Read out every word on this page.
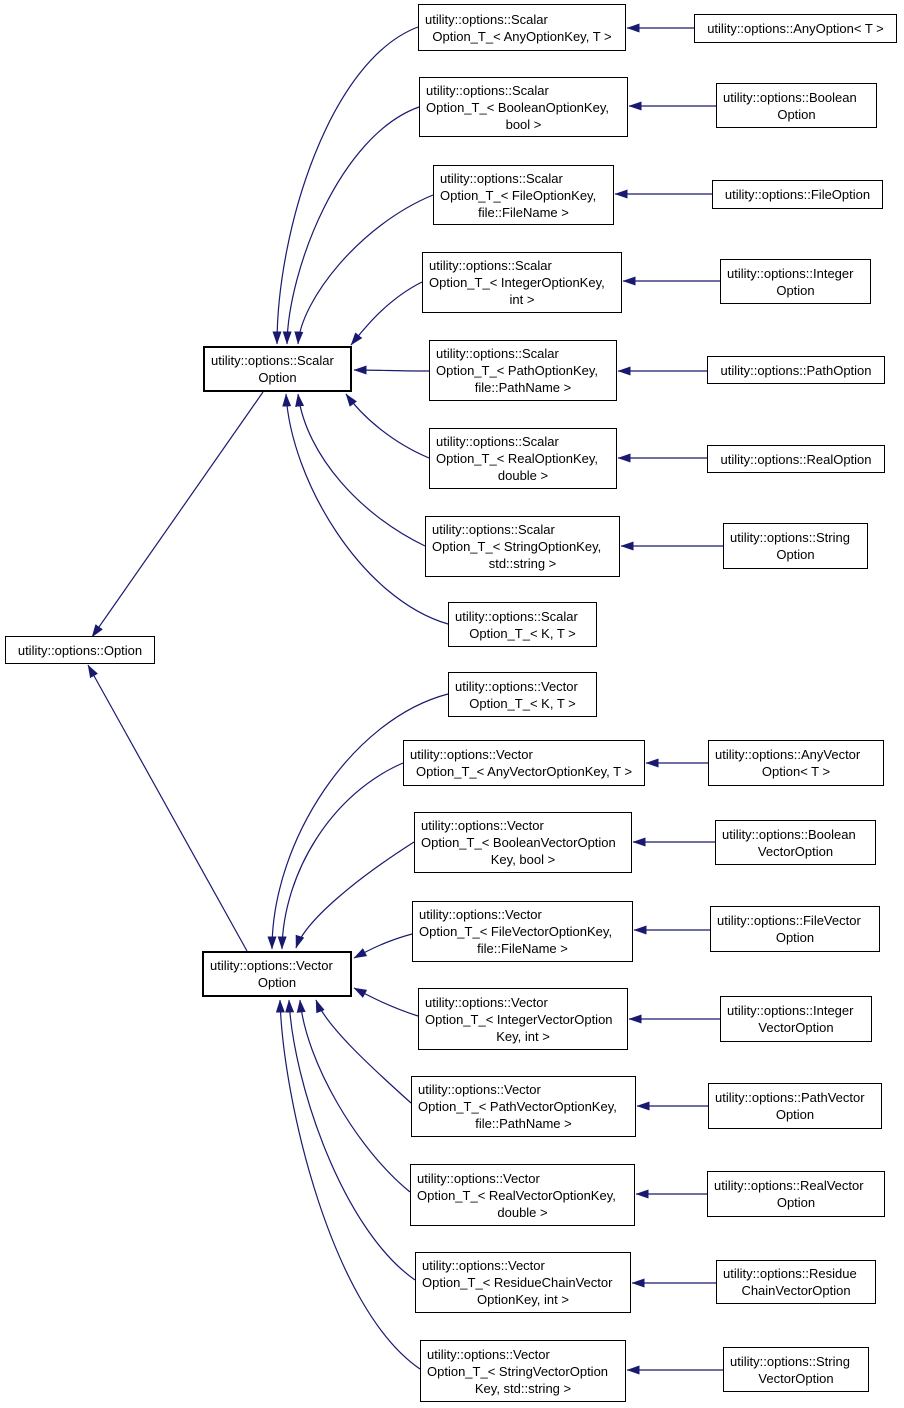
utility::options::Option
utility::options::Scalar
Option
utility::options::Vector
Option
utility::options::Scalar
Option_T_< AnyOptionKey, T >
utility::options::Scalar
Option_T_< BooleanOptionKey,
bool >
utility::options::Scalar
Option_T_< FileOptionKey,
file::FileName >
utility::options::Scalar
Option_T_< IntegerOptionKey,
int >
utility::options::Scalar
Option_T_< PathOptionKey,
file::PathName >
utility::options::Scalar
Option_T_< RealOptionKey,
double >
utility::options::Scalar
Option_T_< StringOptionKey,
std::string >
utility::options::Scalar
Option_T_< K, T >
utility::options::Vector
Option_T_< K, T >
utility::options::Vector
Option_T_< AnyVectorOptionKey, T >
utility::options::Vector
Option_T_< BooleanVectorOption
Key, bool >
utility::options::Vector
Option_T_< FileVectorOptionKey,
file::FileName >
utility::options::Vector
Option_T_< IntegerVectorOption
Key, int >
utility::options::Vector
Option_T_< PathVectorOptionKey,
file::PathName >
utility::options::Vector
Option_T_< RealVectorOptionKey,
double >
utility::options::Vector
Option_T_< ResidueChainVector
OptionKey, int >
utility::options::Vector
Option_T_< StringVectorOption
Key, std::string >
utility::options::AnyOption< T >
utility::options::Boolean
Option
utility::options::FileOption
utility::options::Integer
Option
utility::options::PathOption
utility::options::RealOption
utility::options::String
Option
utility::options::AnyVector
Option< T >
utility::options::Boolean
VectorOption
utility::options::FileVector
Option
utility::options::Integer
VectorOption
utility::options::PathVector
Option
utility::options::RealVector
Option
utility::options::Residue
ChainVectorOption
utility::options::String
VectorOption
